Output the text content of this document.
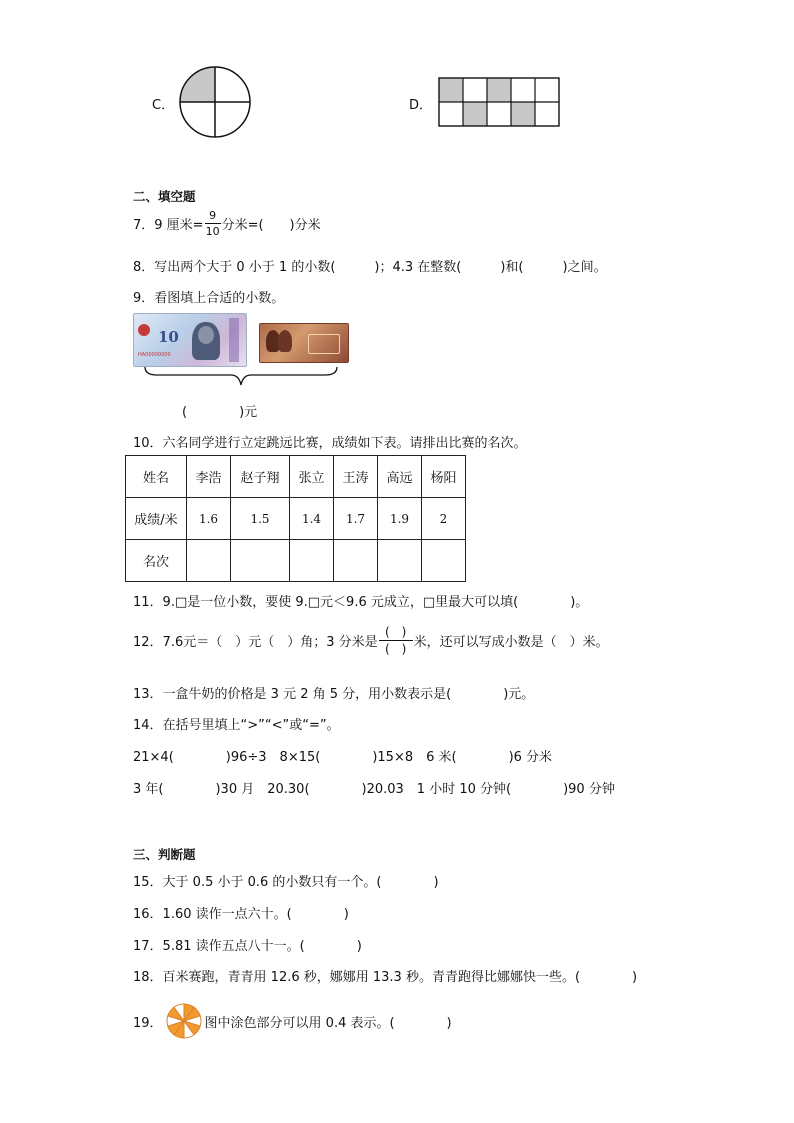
C．	D．
二、填空题
7．9 厘米= $\frac{9}{10}$ 分米=(　　)分米
8．写出两个大于 0 小于 1 的小数(　　　)；4.3 在整数(　　　)和(　　　)之间。
9．看图填上合适的小数。
10
HA00000000
(　　　　)元
10．六名同学进行立定跳远比赛，成绩如下表。请排出比赛的名次。
姓名	李浩	赵子翔	张立	王涛	高远	杨阳
成绩/米	1.6	1.5	1.4	1.7	1.9	2
名次						
11．9.□是一位小数，要使 9.□元＜9.6 元成立，□里最大可以填(　　　　)。
12．7.6元＝（　）元（　）角；3 分米是 $\frac{( )}{( )}$ 米，还可以写成小数是（　）米。
13．一盒牛奶的价格是 3 元 2 角 5 分，用小数表示是(　　　　)元。
14．在括号里填上“>”“<”或“=”。
21×4(　　　　)96÷3　8×15(　　　　)15×8　6 米(　　　　)6 分米
3 年(　　　　)30 月　20.30(　　　　)20.03　1 小时 10 分钟(　　　　)90 分钟
三、判断题
15．大于 0.5 小于 0.6 的小数只有一个。(　　　　)
16．1.60 读作一点六十。(　　　　)
17．5.81 读作五点八十一。(　　　　)
18．百米赛跑，青青用 12.6 秒，娜娜用 13.3 秒。青青跑得比娜娜快一些。(　　　　)
19．	图中涂色部分可以用 0.4 表示。(　　　　)
